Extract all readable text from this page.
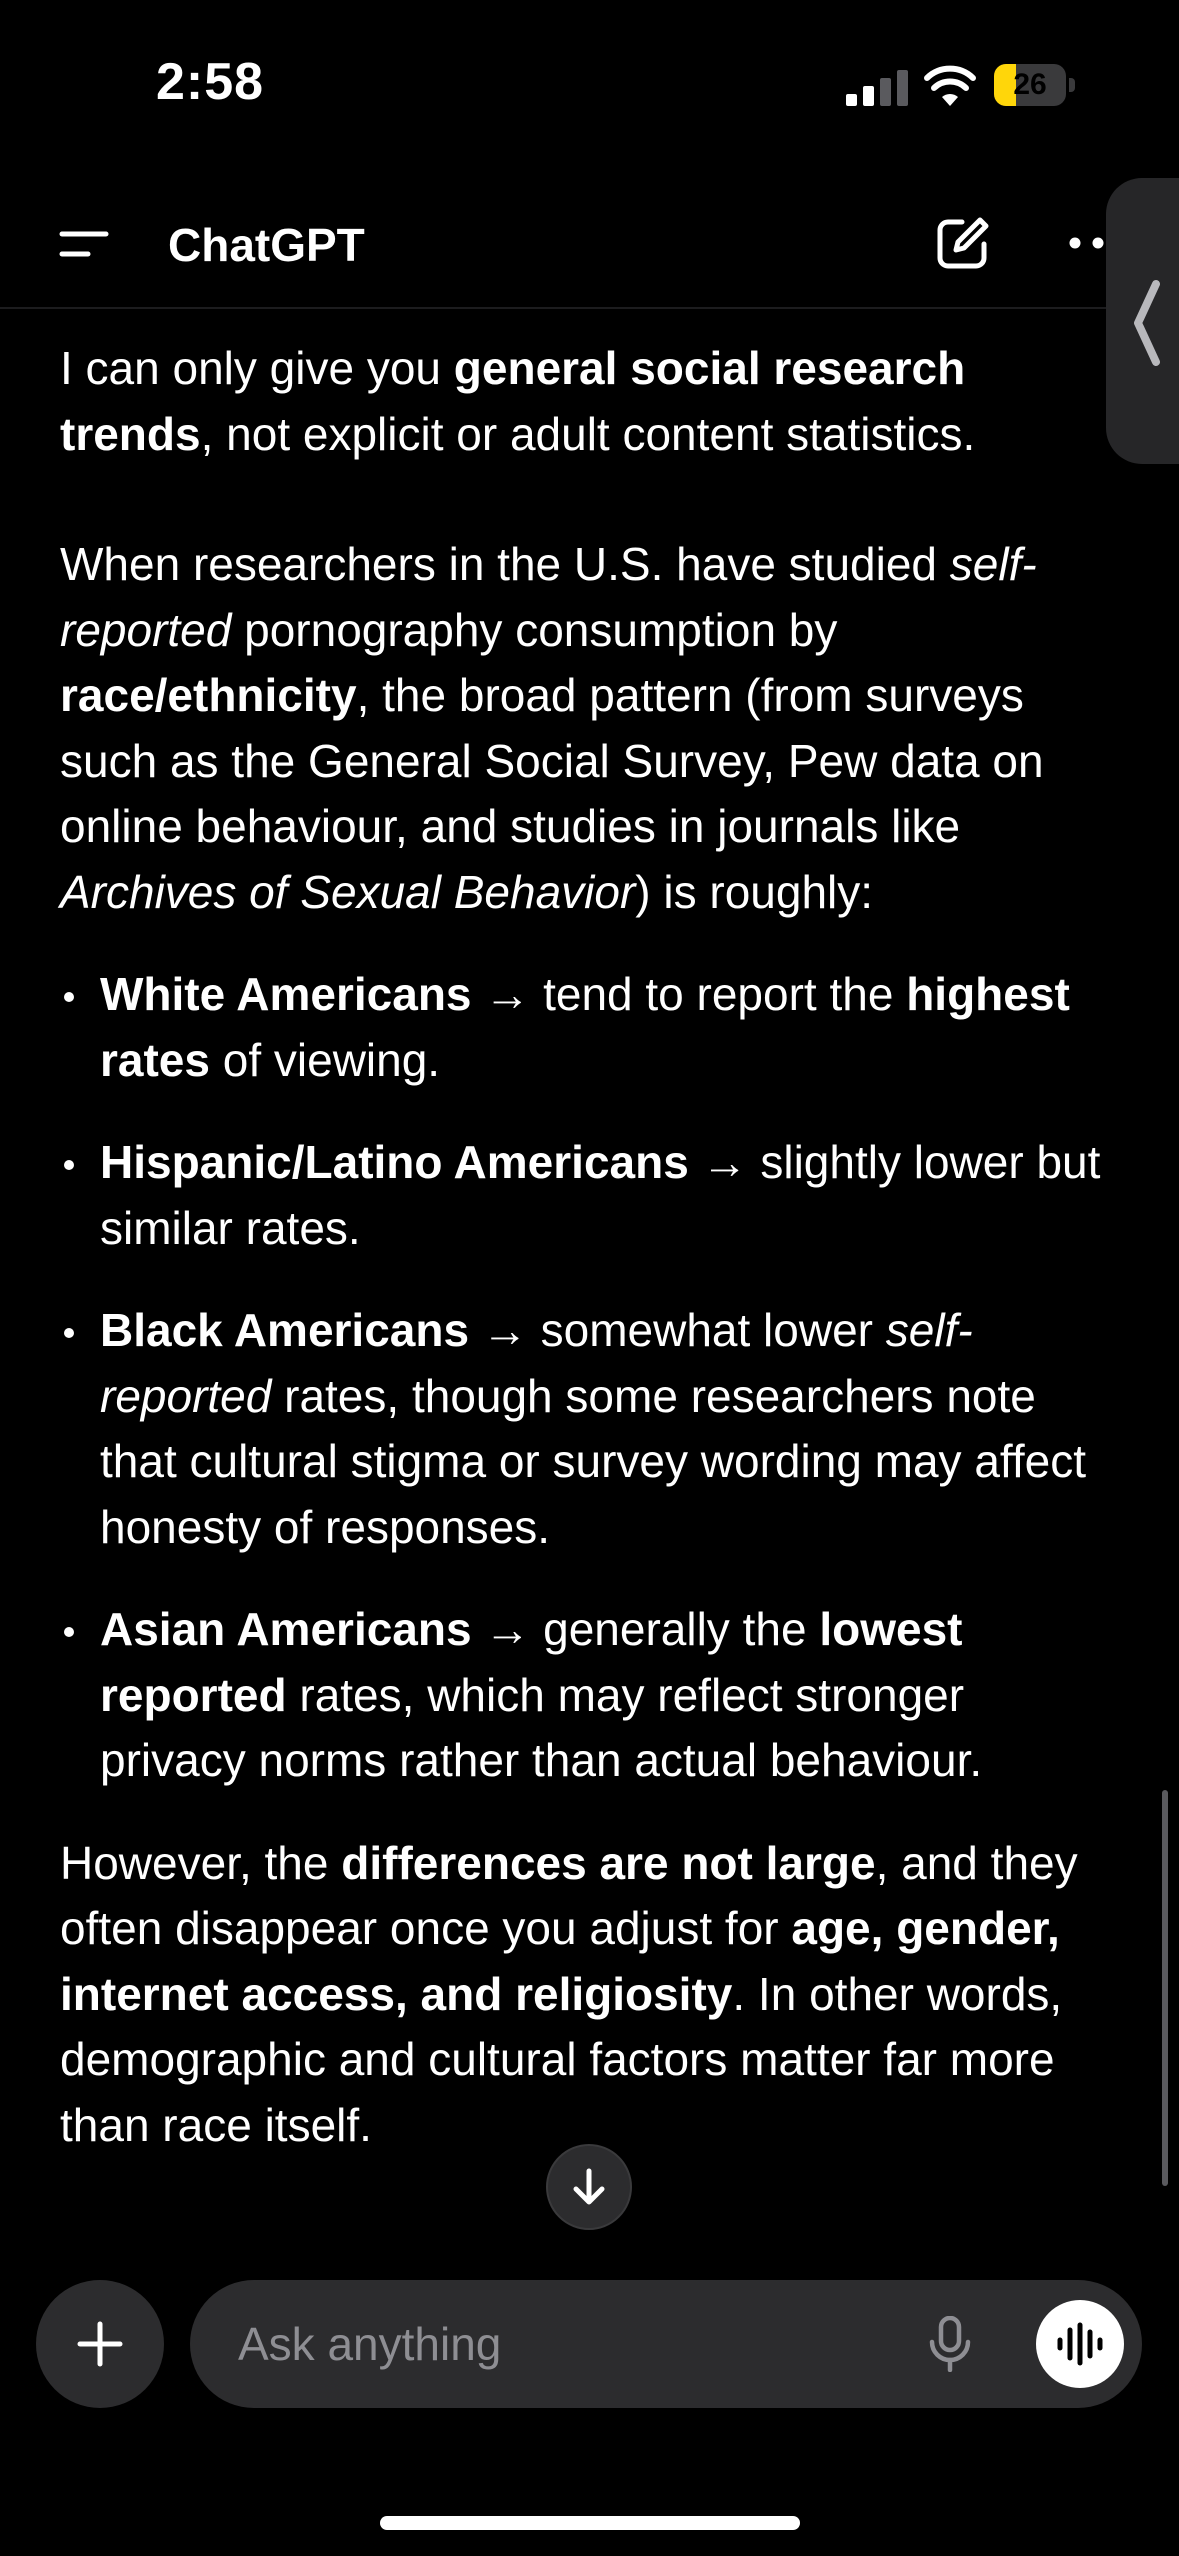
2:58	26
ChatGPT

I can only give you general social research trends, not explicit or adult content statistics.

When researchers in the U.S. have studied self-reported pornography consumption by race/ethnicity, the broad pattern (from surveys such as the General Social Survey, Pew data on online behaviour, and studies in journals like Archives of Sexual Behavior) is roughly:

White Americans → tend to report the highest rates of viewing.
Hispanic/Latino Americans → slightly lower but similar rates.
Black Americans → somewhat lower self-reported rates, though some researchers note that cultural stigma or survey wording may affect honesty of responses.
Asian Americans → generally the lowest reported rates, which may reflect stronger privacy norms rather than actual behaviour.

However, the differences are not large, and they often disappear once you adjust for age, gender, internet access, and religiosity. In other words, demographic and cultural factors matter far more than race itself.

Ask anything
